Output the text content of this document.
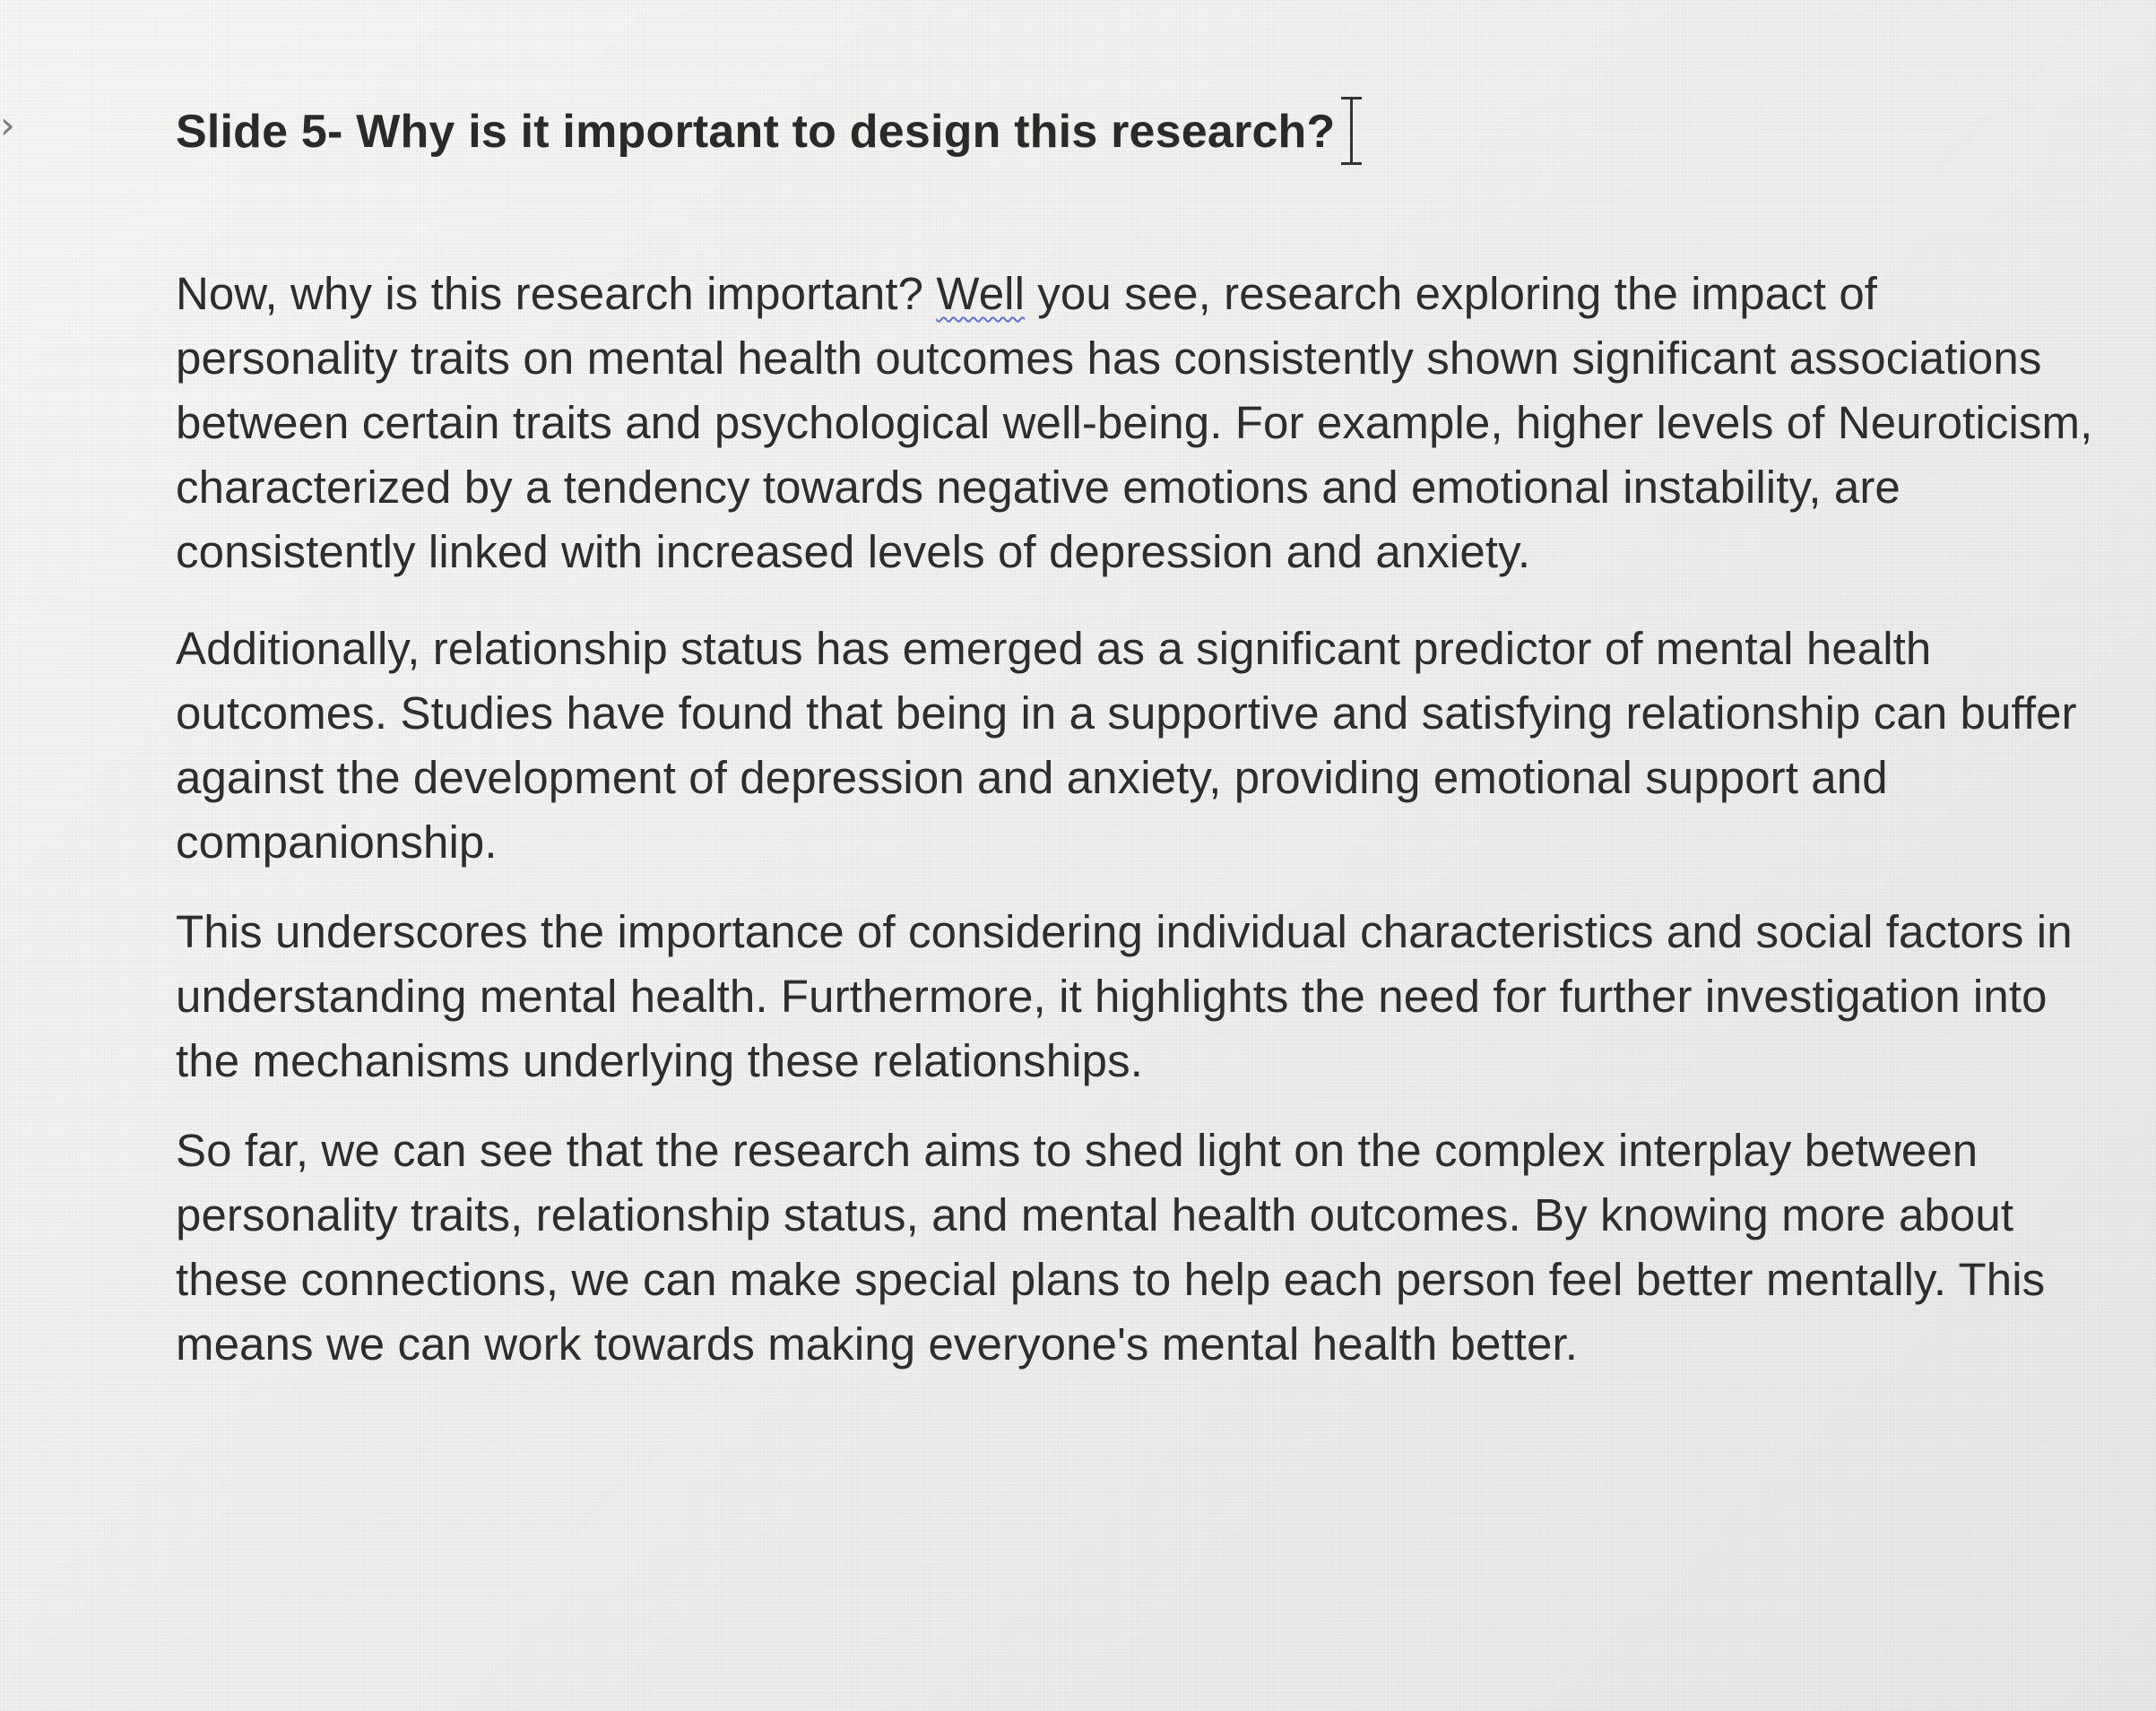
›	Slide 5- Why is it important to design this research?

Now, why is this research important? Well you see, research exploring the impact of personality traits on mental health outcomes has consistently shown significant associations between certain traits and psychological well-being. For example, higher levels of Neuroticism, characterized by a tendency towards negative emotions and emotional instability, are consistently linked with increased levels of depression and anxiety.

Additionally, relationship status has emerged as a significant predictor of mental health outcomes. Studies have found that being in a supportive and satisfying relationship can buffer against the development of depression and anxiety, providing emotional support and companionship.

This underscores the importance of considering individual characteristics and social factors in understanding mental health. Furthermore, it highlights the need for further investigation into the mechanisms underlying these relationships.

So far, we can see that the research aims to shed light on the complex interplay between personality traits, relationship status, and mental health outcomes. By knowing more about these connections, we can make special plans to help each person feel better mentally. This means we can work towards making everyone's mental health better.
